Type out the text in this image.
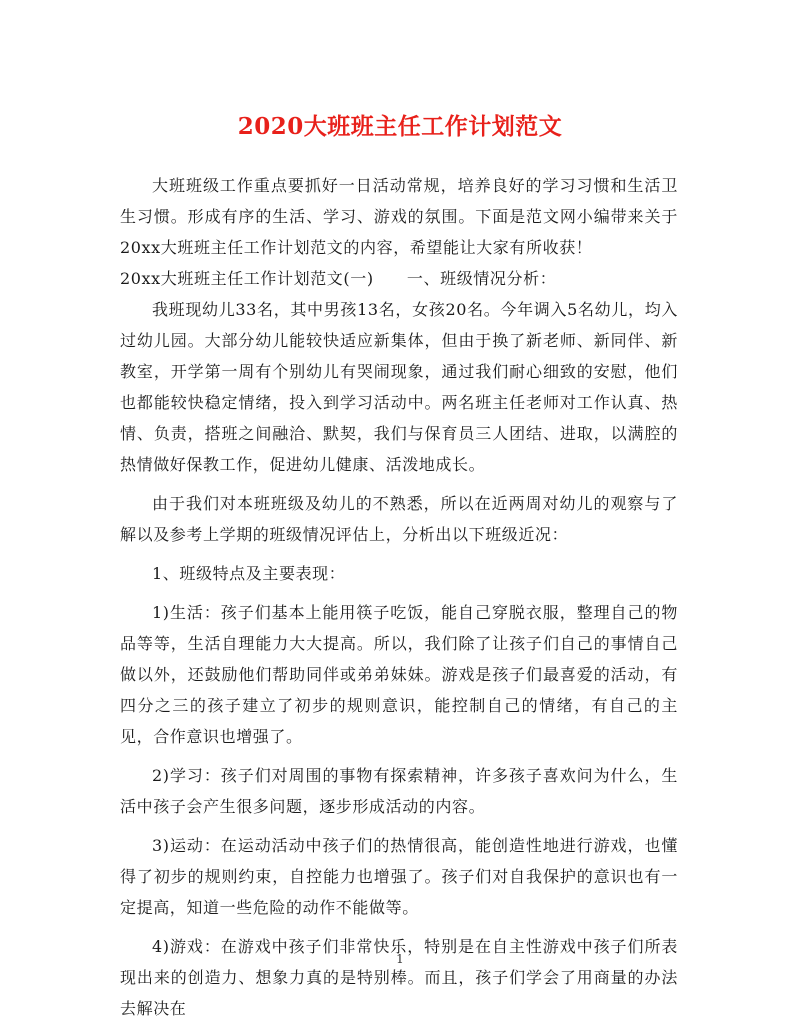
2020大班班主任工作计划范文

大班班级工作重点要抓好一日活动常规，培养良好的学习习惯和生活卫生习惯。形成有序的生活、学习、游戏的氛围。下面是范文网小编带来关于20xx大班班主任工作计划范文的内容，希望能让大家有所收获！

20xx大班班主任工作计划范文(一)　　一、班级情况分析：

我班现幼儿33名，其中男孩13名，女孩20名。今年调入5名幼儿，均入过幼儿园。大部分幼儿能较快适应新集体，但由于换了新老师、新同伴、新教室，开学第一周有个别幼儿有哭闹现象，通过我们耐心细致的安慰，他们也都能较快稳定情绪，投入到学习活动中。两名班主任老师对工作认真、热情、负责，搭班之间融洽、默契，我们与保育员三人团结、进取，以满腔的热情做好保教工作，促进幼儿健康、活泼地成长。

由于我们对本班班级及幼儿的不熟悉，所以在近两周对幼儿的观察与了解以及参考上学期的班级情况评估上，分析出以下班级近况：

1、班级特点及主要表现：

1)生活：孩子们基本上能用筷子吃饭，能自己穿脱衣服，整理自己的物品等等，生活自理能力大大提高。所以，我们除了让孩子们自己的事情自己做以外，还鼓励他们帮助同伴或弟弟妹妹。游戏是孩子们最喜爱的活动，有四分之三的孩子建立了初步的规则意识，能控制自己的情绪，有自己的主见，合作意识也增强了。

2)学习：孩子们对周围的事物有探索精神，许多孩子喜欢问为什么，生活中孩子会产生很多问题，逐步形成活动的内容。

3)运动：在运动活动中孩子们的热情很高，能创造性地进行游戏，也懂得了初步的规则约束，自控能力也增强了。孩子们对自我保护的意识也有一定提高，知道一些危险的动作不能做等。

4)游戏：在游戏中孩子们非常快乐，特别是在自主性游戏中孩子们所表现出来的创造力、想象力真的是特别棒。而且，孩子们学会了用商量的办法去解决在

1
